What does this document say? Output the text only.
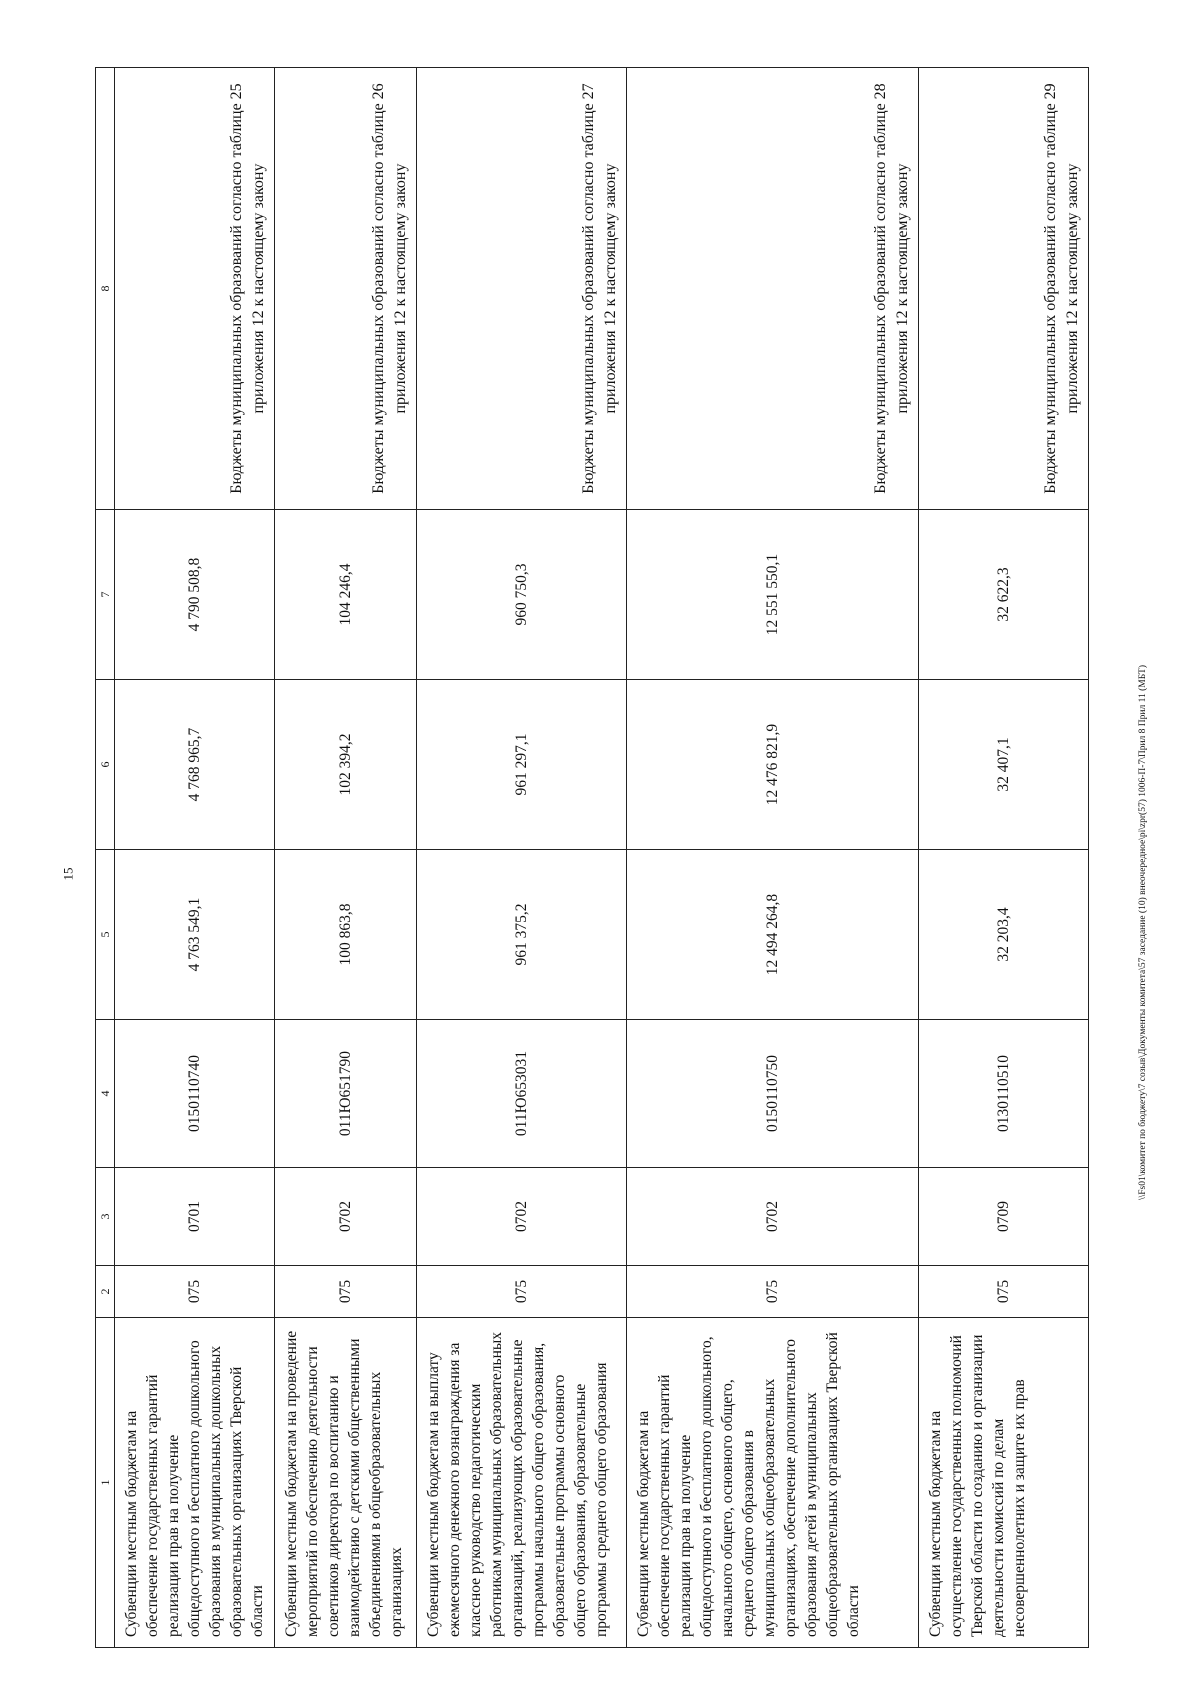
15
1	2	3	4	5	6	7	8
Субвенции местным бюджетам на обеспечение государственных гарантий реализации прав на получение общедоступного и бесплатного дошкольного образования в муниципальных дошкольных образовательных организациях Тверской области	075	0701	0150110740	4 763 549,1	4 768 965,7	4 790 508,8	Бюджеты муниципальных образований согласно таблице 25 приложения 12 к настоящему закону
Субвенции местным бюджетам на проведение мероприятий по обеспечению деятельности советников директора по воспитанию и взаимодействию с детскими общественными объединениями в общеобразовательных организациях	075	0702	011Ю651790	100 863,8	102 394,2	104 246,4	Бюджеты муниципальных образований согласно таблице 26 приложения 12 к настоящему закону
Субвенции местным бюджетам на выплату ежемесячного денежного вознаграждения за классное руководство педагогическим работникам муниципальных образовательных организаций, реализующих образовательные программы начального общего образования, образовательные программы основного общего образования, образовательные программы среднего общего образования	075	0702	011Ю653031	961 375,2	961 297,1	960 750,3	Бюджеты муниципальных образований согласно таблице 27 приложения 12 к настоящему закону
Субвенции местным бюджетам на обеспечение государственных гарантий реализации прав на получение общедоступного и бесплатного дошкольного, начального общего, основного общего, среднего общего образования в муниципальных общеобразовательных организациях, обеспечение дополнительного образования детей в муниципальных общеобразовательных организациях Тверской области	075	0702	0150110750	12 494 264,8	12 476 821,9	12 551 550,1	Бюджеты муниципальных образований согласно таблице 28 приложения 12 к настоящему закону
Субвенции местным бюджетам на осуществление государственных полномочий Тверской области по созданию и организации деятельности комиссий по делам несовершеннолетних и защите их прав	075	0709	0130110510	32 203,4	32 407,1	32 622,3	Бюджеты муниципальных образований согласно таблице 29 приложения 12 к настоящему закону
\\Fs01\комитет по бюджету\7 созыв\Документы комитета\57 заседание (10) внеочередное\pi\zpr(57) 1006-П-7\Прил 8 Прил 11 (МБТ)
